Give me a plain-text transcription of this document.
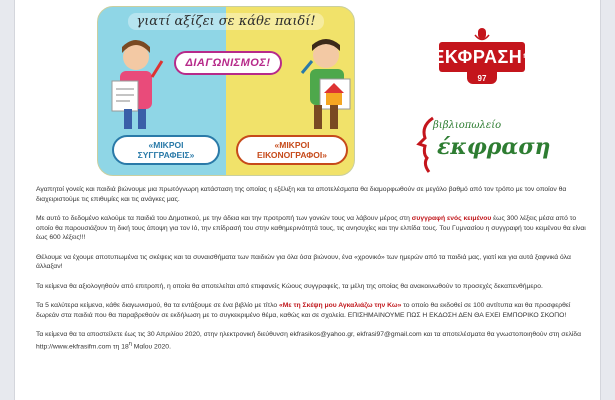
γιατί αξίζει σε κάθε παιδί!
ΔΙΑΓΩΝΙΣΜΟΣ!
«ΜΙΚΡΟΙ ΣΥΓΓΡΑΦΕΙΣ»
«ΜΙΚΡΟΙ ΕΙΚΟΝΟΓΡΑΦΟΙ»
ΕΚΦΡΑΣΗ fm
97
βιβλιοπωλείο
έκφραση

Αγαπητοί γονείς και παιδιά βιώνουμε μια πρωτόγνωρη κατάσταση της οποίας η εξέλιξη και τα αποτελέσματα θα διαμορφωθούν σε μεγάλο βαθμό από τον τρόπο με τον οποίον θα διαχειριστούμε τις επιθυμίες και τις ανάγκες μας.

Με αυτό το δεδομένο καλούμε τα παιδιά του Δημοτικού, με την άδεια και την προτροπή των γονιών τους να λάβουν μέρος στη συγγραφή ενός κειμένου έως 300 λέξεις μέσα από το οποίο θα παρουσιάζουν τη δική τους άποψη για τον Ιό, την επίδρασή του στην καθημερινότητά τους, τις ανησυχίες και την ελπίδα τους. Του Γυμνασίου η συγγραφή του κειμένου θα είναι έως 600 λέξεις!!!

Θέλουμε να έχουμε αποτυπωμένα τις σκέψεις και τα συναισθήματα των παιδιών για όλα όσα βιώνουν, ένα «χρονικό» των ημερών από τα παιδιά μας, γιατί και για αυτά ξαφνικά όλα άλλαξαν!

Τα κείμενα θα αξιολογηθούν από επιτροπή, η οποία θα αποτελείται από επιφανείς Κώους συγγραφείς, τα μέλη της οποίας θα ανακοινωθούν το προσεχές δεκαπενθήμερο.

Τα 5 καλύτερα κείμενα, κάθε διαγωνισμού, θα τα εντάξουμε σε ένα βιβλίο με τίτλο «Με τη Σκέψη μου Αγκαλιάζω την Κω» το οποίο θα εκδοθεί σε 100 αντίτυπα και θα προσφερθεί δωρεάν στα παιδιά που θα παραβρεθούν σε εκδήλωση με το συγκεκριμένο θέμα, καθώς και σε σχολεία. ΕΠΙΣΗΜΑΙΝΟΥΜΕ ΠΩΣ Η ΕΚΔΟΣΗ ΔΕΝ ΘΑ ΕΧΕΙ ΕΜΠΟΡΙΚΟ ΣΚΟΠΟ!

Τα κείμενα θα τα αποστείλετε έως τις 30 Απριλίου 2020, στην ηλεκτρονική διεύθυνση ekfrasikos@yahoo.gr, ekfrasi97@gmail.com και τα αποτελέσματα θα γνωστοποιηθούν στη σελίδα http://www.ekfrasifm.com τη $18^\eta$ Μαΐου 2020.
